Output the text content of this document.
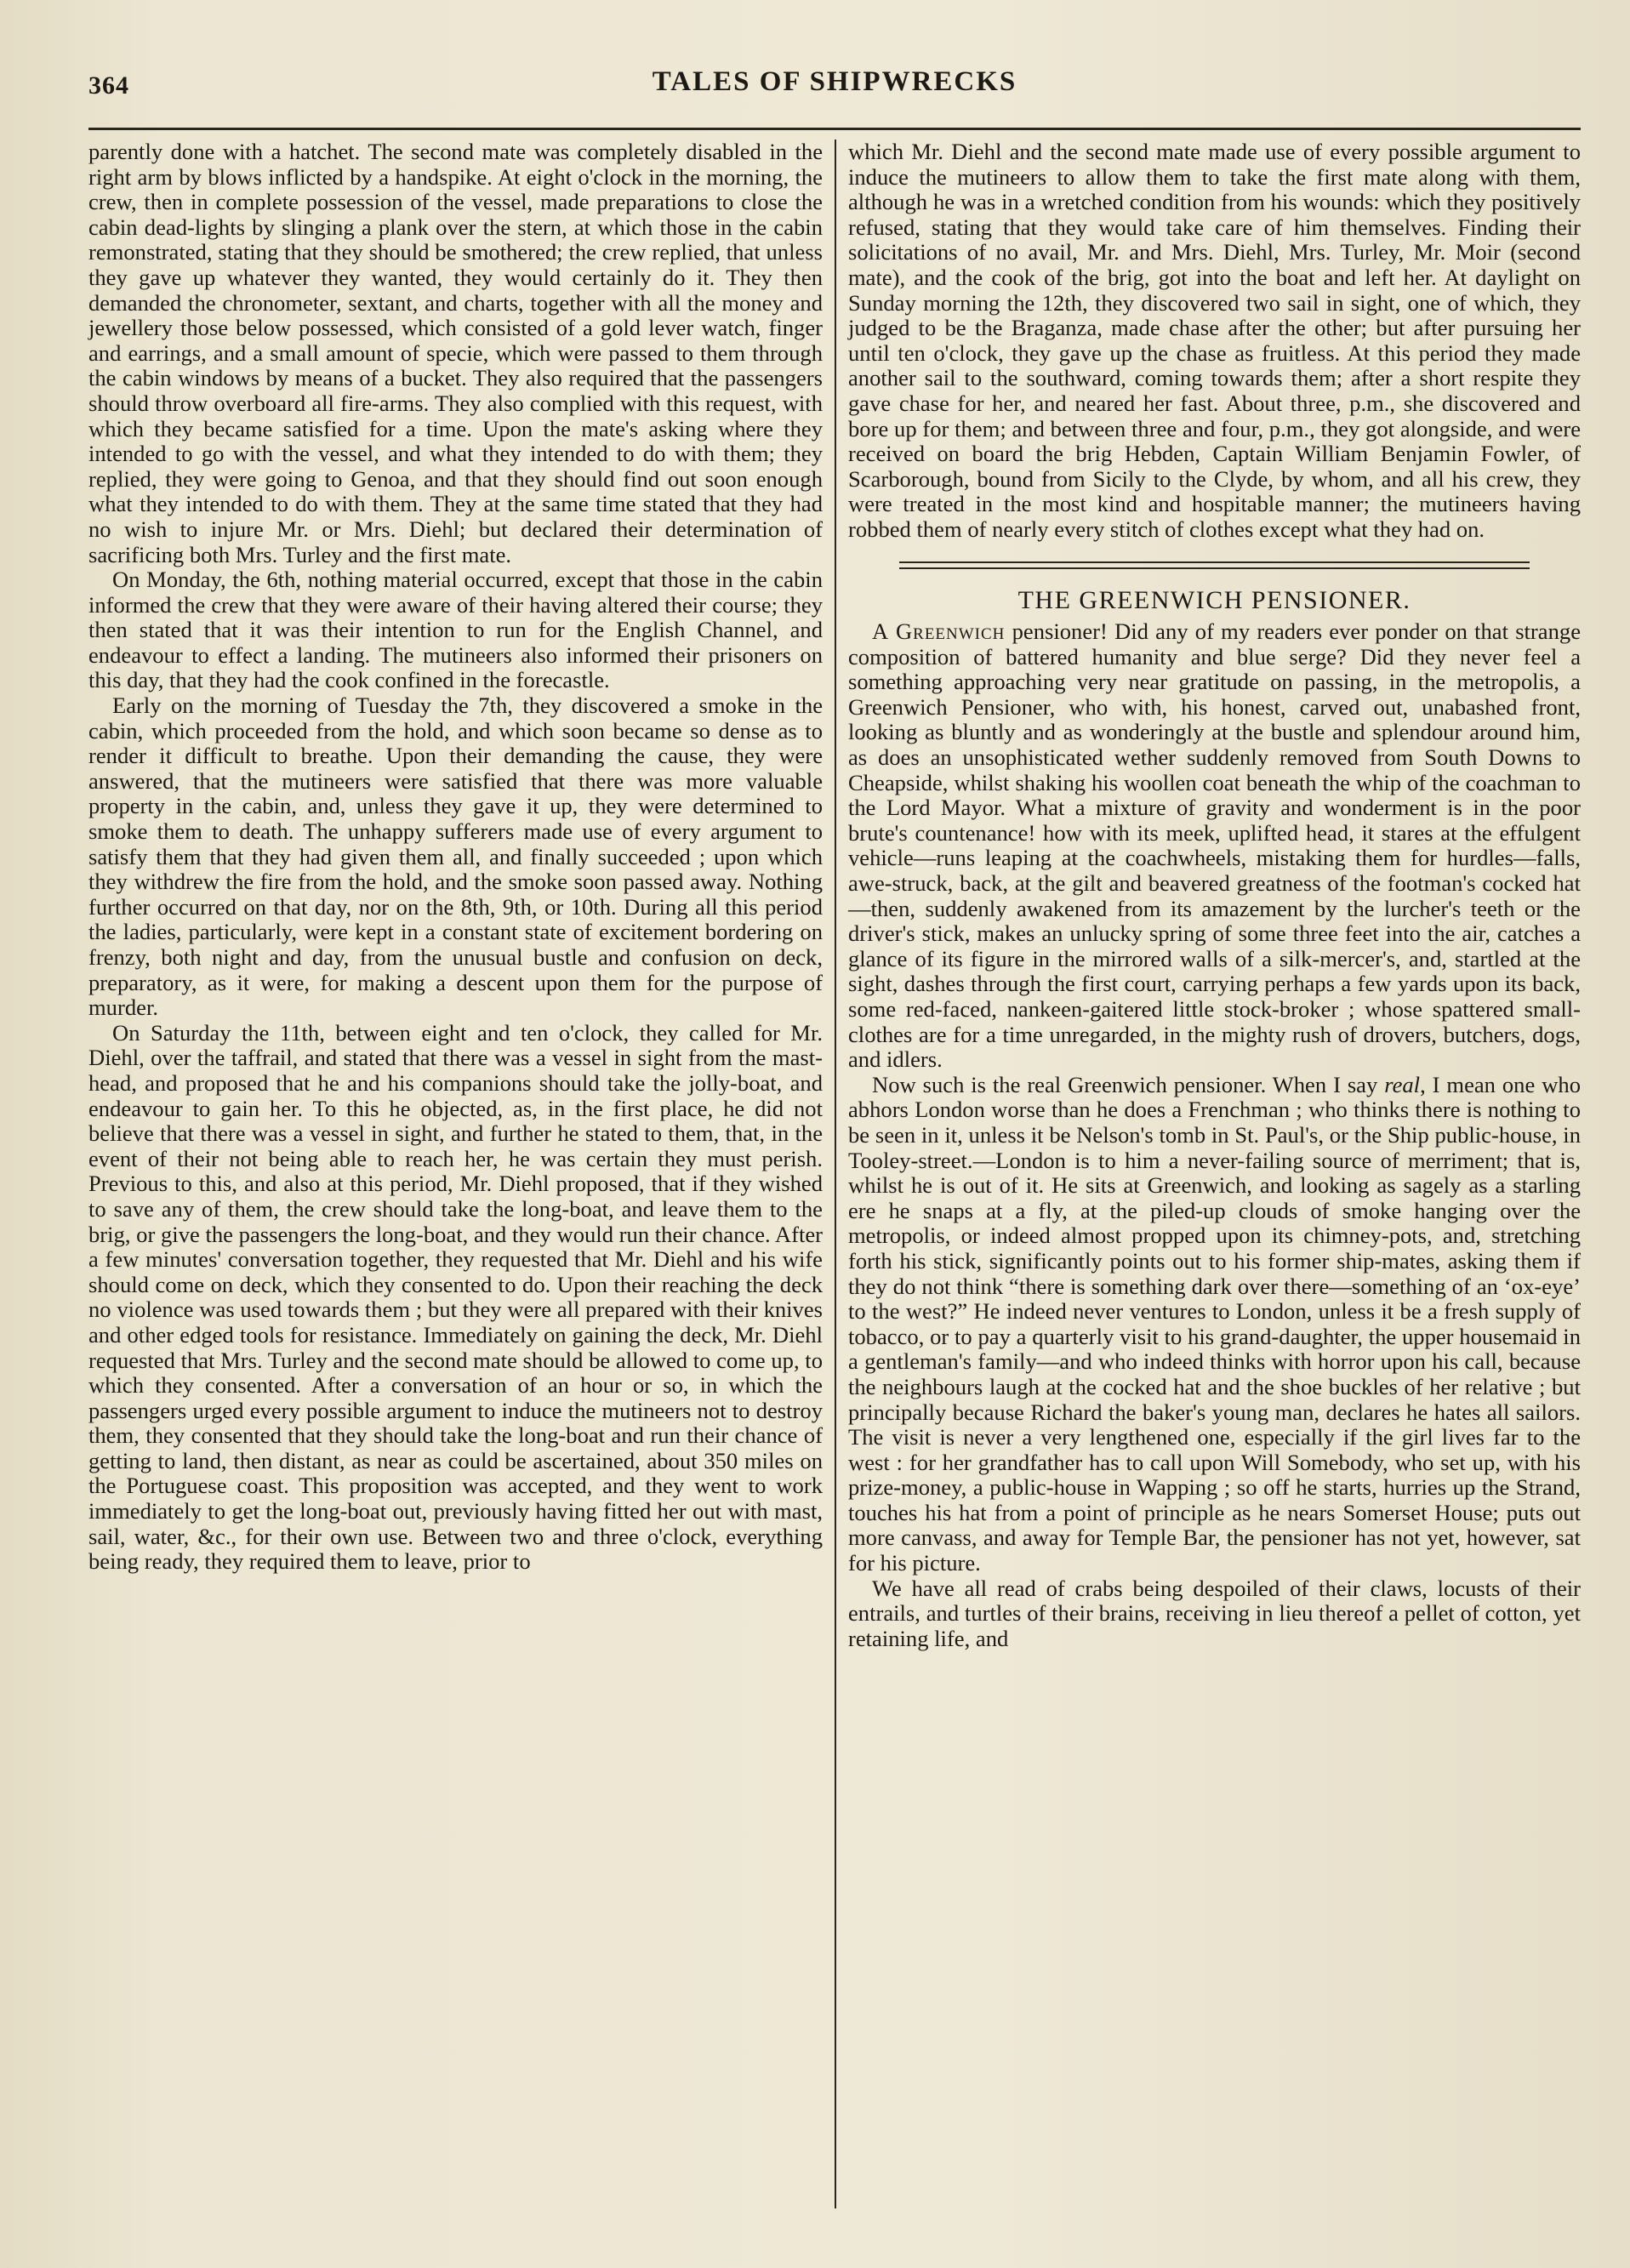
364	TALES OF SHIPWRECKS

parently done with a hatchet. The second mate was completely disabled in the right arm by blows inflicted by a handspike. At eight o'clock in the morning, the crew, then in complete possession of the vessel, made preparations to close the cabin dead-lights by slinging a plank over the stern, at which those in the cabin remonstrated, stating that they should be smothered; the crew replied, that unless they gave up whatever they wanted, they would certainly do it. They then demanded the chronometer, sextant, and charts, together with all the money and jewellery those below possessed, which consisted of a gold lever watch, finger and earrings, and a small amount of specie, which were passed to them through the cabin windows by means of a bucket. They also required that the passengers should throw overboard all fire-arms. They also complied with this request, with which they became satisfied for a time. Upon the mate's asking where they intended to go with the vessel, and what they intended to do with them; they replied, they were going to Genoa, and that they should find out soon enough what they intended to do with them. They at the same time stated that they had no wish to injure Mr. or Mrs. Diehl; but declared their determination of sacrificing both Mrs. Turley and the first mate.

On Monday, the 6th, nothing material occurred, except that those in the cabin informed the crew that they were aware of their having altered their course; they then stated that it was their intention to run for the English Channel, and endeavour to effect a landing. The mutineers also informed their prisoners on this day, that they had the cook confined in the forecastle.

Early on the morning of Tuesday the 7th, they discovered a smoke in the cabin, which proceeded from the hold, and which soon became so dense as to render it difficult to breathe. Upon their demanding the cause, they were answered, that the mutineers were satisfied that there was more valuable property in the cabin, and, unless they gave it up, they were determined to smoke them to death. The unhappy sufferers made use of every argument to satisfy them that they had given them all, and finally succeeded ; upon which they withdrew the fire from the hold, and the smoke soon passed away. Nothing further occurred on that day, nor on the 8th, 9th, or 10th. During all this period the ladies, particularly, were kept in a constant state of excitement bordering on frenzy, both night and day, from the unusual bustle and confusion on deck, preparatory, as it were, for making a descent upon them for the purpose of murder.

On Saturday the 11th, between eight and ten o'clock, they called for Mr. Diehl, over the taffrail, and stated that there was a vessel in sight from the mast-head, and proposed that he and his companions should take the jolly-boat, and endeavour to gain her. To this he objected, as, in the first place, he did not believe that there was a vessel in sight, and further he stated to them, that, in the event of their not being able to reach her, he was certain they must perish. Previous to this, and also at this period, Mr. Diehl proposed, that if they wished to save any of them, the crew should take the long-boat, and leave them to the brig, or give the passengers the long-boat, and they would run their chance. After a few minutes' conversation together, they requested that Mr. Diehl and his wife should come on deck, which they consented to do. Upon their reaching the deck no violence was used towards them ; but they were all prepared with their knives and other edged tools for resistance. Immediately on gaining the deck, Mr. Diehl requested that Mrs. Turley and the second mate should be allowed to come up, to which they consented. After a conversation of an hour or so, in which the passengers urged every possible argument to induce the mutineers not to destroy them, they consented that they should take the long-boat and run their chance of getting to land, then distant, as near as could be ascertained, about 350 miles on the Portuguese coast. This proposition was accepted, and they went to work immediately to get the long-boat out, previously having fitted her out with mast, sail, water, &c., for their own use. Between two and three o'clock, everything being ready, they required them to leave, prior to

which Mr. Diehl and the second mate made use of every possible argument to induce the mutineers to allow them to take the first mate along with them, although he was in a wretched condition from his wounds: which they positively refused, stating that they would take care of him themselves. Finding their solicitations of no avail, Mr. and Mrs. Diehl, Mrs. Turley, Mr. Moir (second mate), and the cook of the brig, got into the boat and left her. At daylight on Sunday morning the 12th, they discovered two sail in sight, one of which, they judged to be the Braganza, made chase after the other; but after pursuing her until ten o'clock, they gave up the chase as fruitless. At this period they made another sail to the southward, coming towards them; after a short respite they gave chase for her, and neared her fast. About three, p.m., she discovered and bore up for them; and between three and four, p.m., they got alongside, and were received on board the brig Hebden, Captain William Benjamin Fowler, of Scarborough, bound from Sicily to the Clyde, by whom, and all his crew, they were treated in the most kind and hospitable manner; the mutineers having robbed them of nearly every stitch of clothes except what they had on.

THE GREENWICH PENSIONER.

A Greenwich pensioner! Did any of my readers ever ponder on that strange composition of battered humanity and blue serge? Did they never feel a something approaching very near gratitude on passing, in the metropolis, a Greenwich Pensioner, who with, his honest, carved out, unabashed front, looking as bluntly and as wonderingly at the bustle and splendour around him, as does an unsophisticated wether suddenly removed from South Downs to Cheapside, whilst shaking his woollen coat beneath the whip of the coachman to the Lord Mayor. What a mixture of gravity and wonderment is in the poor brute's countenance! how with its meek, uplifted head, it stares at the effulgent vehicle—runs leaping at the coachwheels, mistaking them for hurdles—falls, awe-struck, back, at the gilt and beavered greatness of the footman's cocked hat—then, suddenly awakened from its amazement by the lurcher's teeth or the driver's stick, makes an unlucky spring of some three feet into the air, catches a glance of its figure in the mirrored walls of a silk-mercer's, and, startled at the sight, dashes through the first court, carrying perhaps a few yards upon its back, some red-faced, nankeen-gaitered little stock-broker ; whose spattered small-clothes are for a time unregarded, in the mighty rush of drovers, butchers, dogs, and idlers.

Now such is the real Greenwich pensioner. When I say real, I mean one who abhors London worse than he does a Frenchman ; who thinks there is nothing to be seen in it, unless it be Nelson's tomb in St. Paul's, or the Ship public-house, in Tooley-street.—London is to him a never-failing source of merriment; that is, whilst he is out of it. He sits at Greenwich, and looking as sagely as a starling ere he snaps at a fly, at the piled-up clouds of smoke hanging over the metropolis, or indeed almost propped upon its chimney-pots, and, stretching forth his stick, significantly points out to his former ship-mates, asking them if they do not think “there is something dark over there—something of an ‘ox-eye’ to the west?” He indeed never ventures to London, unless it be a fresh supply of tobacco, or to pay a quarterly visit to his grand-daughter, the upper housemaid in a gentleman's family—and who indeed thinks with horror upon his call, because the neighbours laugh at the cocked hat and the shoe buckles of her relative ; but principally because Richard the baker's young man, declares he hates all sailors. The visit is never a very lengthened one, especially if the girl lives far to the west : for her grandfather has to call upon Will Somebody, who set up, with his prize-money, a public-house in Wapping ; so off he starts, hurries up the Strand, touches his hat from a point of principle as he nears Somerset House; puts out more canvass, and away for Temple Bar, the pensioner has not yet, however, sat for his picture.

We have all read of crabs being despoiled of their claws, locusts of their entrails, and turtles of their brains, receiving in lieu thereof a pellet of cotton, yet retaining life, and
